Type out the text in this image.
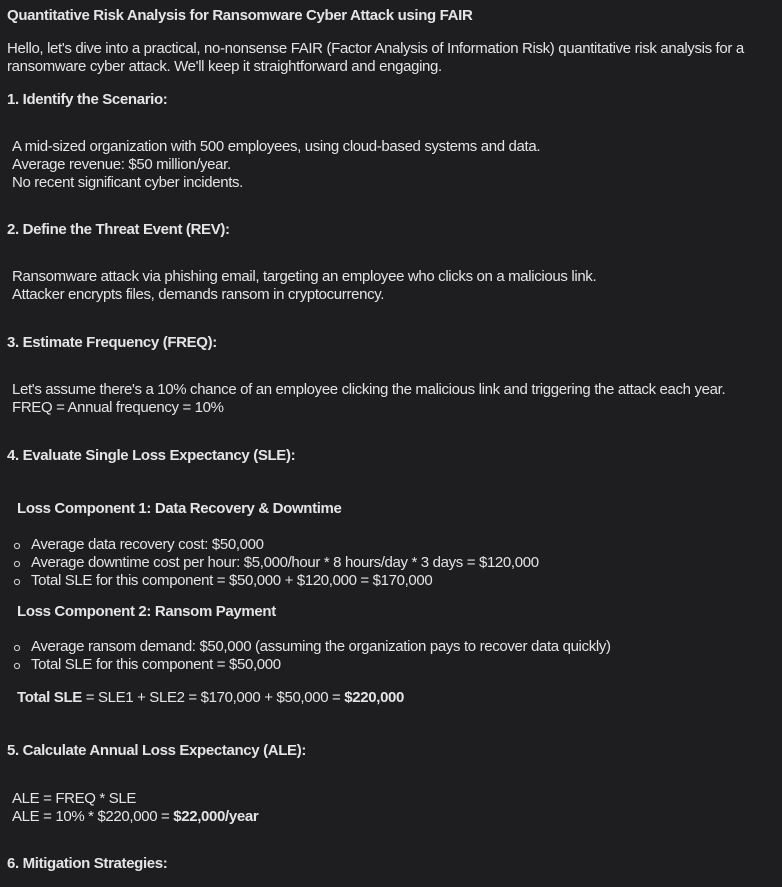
Quantitative Risk Analysis for Ransomware Cyber Attack using FAIR
Hello, let's dive into a practical, no-nonsense FAIR (Factor Analysis of Information Risk) quantitative risk analysis for a
ransomware cyber attack. We'll keep it straightforward and engaging.
1. Identify the Scenario:
A mid-sized organization with 500 employees, using cloud-based systems and data.
Average revenue: $50 million/year.
No recent significant cyber incidents.
2. Define the Threat Event (REV):
Ransomware attack via phishing email, targeting an employee who clicks on a malicious link.
Attacker encrypts files, demands ransom in cryptocurrency.
3. Estimate Frequency (FREQ):
Let's assume there's a 10% chance of an employee clicking the malicious link and triggering the attack each year.
FREQ = Annual frequency = 10%
4. Evaluate Single Loss Expectancy (SLE):
Loss Component 1: Data Recovery & Downtime
Average data recovery cost: $50,000
Average downtime cost per hour: $5,000/hour * 8 hours/day * 3 days = $120,000
Total SLE for this component = $50,000 + $120,000 = $170,000
Loss Component 2: Ransom Payment
Average ransom demand: $50,000 (assuming the organization pays to recover data quickly)
Total SLE for this component = $50,000
Total SLE = SLE1 + SLE2 = $170,000 + $50,000 = $220,000
5. Calculate Annual Loss Expectancy (ALE):
ALE = FREQ * SLE
ALE = 10% * $220,000 = $22,000/year
6. Mitigation Strategies:
